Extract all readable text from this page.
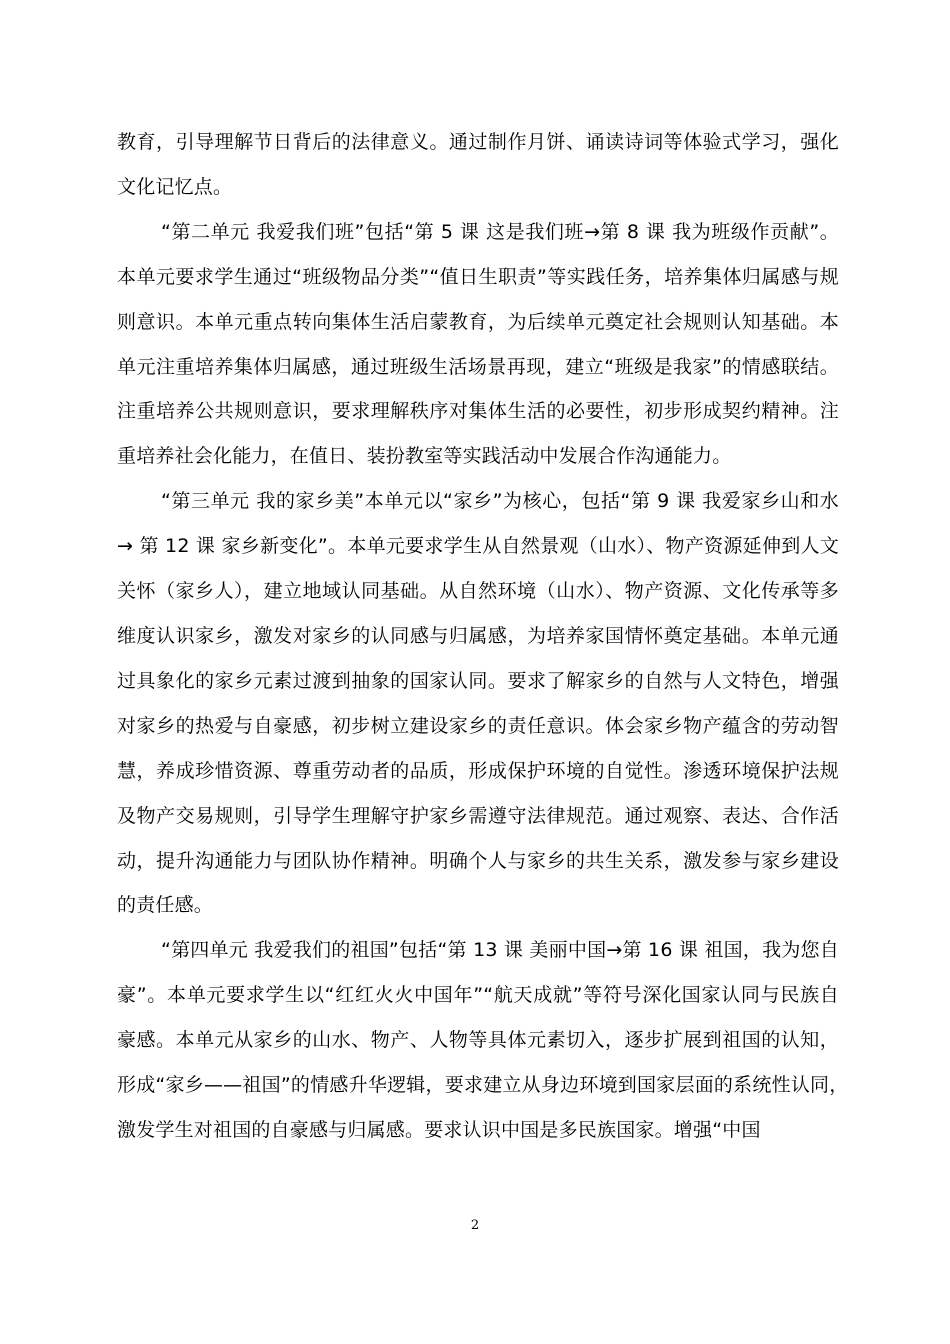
教育，引导理解节日背后的法律意义。通过制作月饼、诵读诗词等体验式学习，强化文化记忆点。

“第二单元 我爱我们班”包括“第 5 课 这是我们班→第 8 课 我为班级作贡献”。本单元要求学生通过“班级物品分类”“值日生职责”等实践任务，培养集体归属感与规则意识。本单元重点转向集体生活启蒙教育，为后续单元奠定社会规则认知基础。本单元注重培养集体归属感，通过班级生活场景再现，建立“班级是我家”的情感联结。注重培养公共规则意识，要求理解秩序对集体生活的必要性，初步形成契约精神。注重培养社会化能力，在值日、装扮教室等实践活动中发展合作沟通能力。

“第三单元 我的家乡美”本单元以“家乡”为核心，包括“第 9 课 我爱家乡山和水→ 第 12 课 家乡新变化”。本单元要求学生从自然景观（山水）、物产资源延伸到人文关怀（家乡人），建立地域认同基础。从自然环境（山水）、物产资源、文化传承等多维度认识家乡，激发对家乡的认同感与归属感，为培养家国情怀奠定基础。本单元通过具象化的家乡元素过渡到抽象的国家认同。要求了解家乡的自然与人文特色，增强对家乡的热爱与自豪感，初步树立建设家乡的责任意识。体会家乡物产蕴含的劳动智慧，养成珍惜资源、尊重劳动者的品质，形成保护环境的自觉性。渗透环境保护法规及物产交易规则，引导学生理解守护家乡需遵守法律规范。通过观察、表达、合作活动，提升沟通能力与团队协作精神。明确个人与家乡的共生关系，激发参与家乡建设的责任感。

“第四单元 我爱我们的祖国”包括“第 13 课 美丽中国→第 16 课 祖国，我为您自豪”。本单元要求学生以“红红火火中国年”“航天成就”等符号深化国家认同与民族自豪感。本单元从家乡的山水、物产、人物等具体元素切入，逐步扩展到祖国的认知，形成“家乡——祖国”的情感升华逻辑，要求建立从身边环境到国家层面的系统性认同，　　激发学生对祖国的自豪感与归属感。要求认识中国是多民族国家。增强“中国

2
